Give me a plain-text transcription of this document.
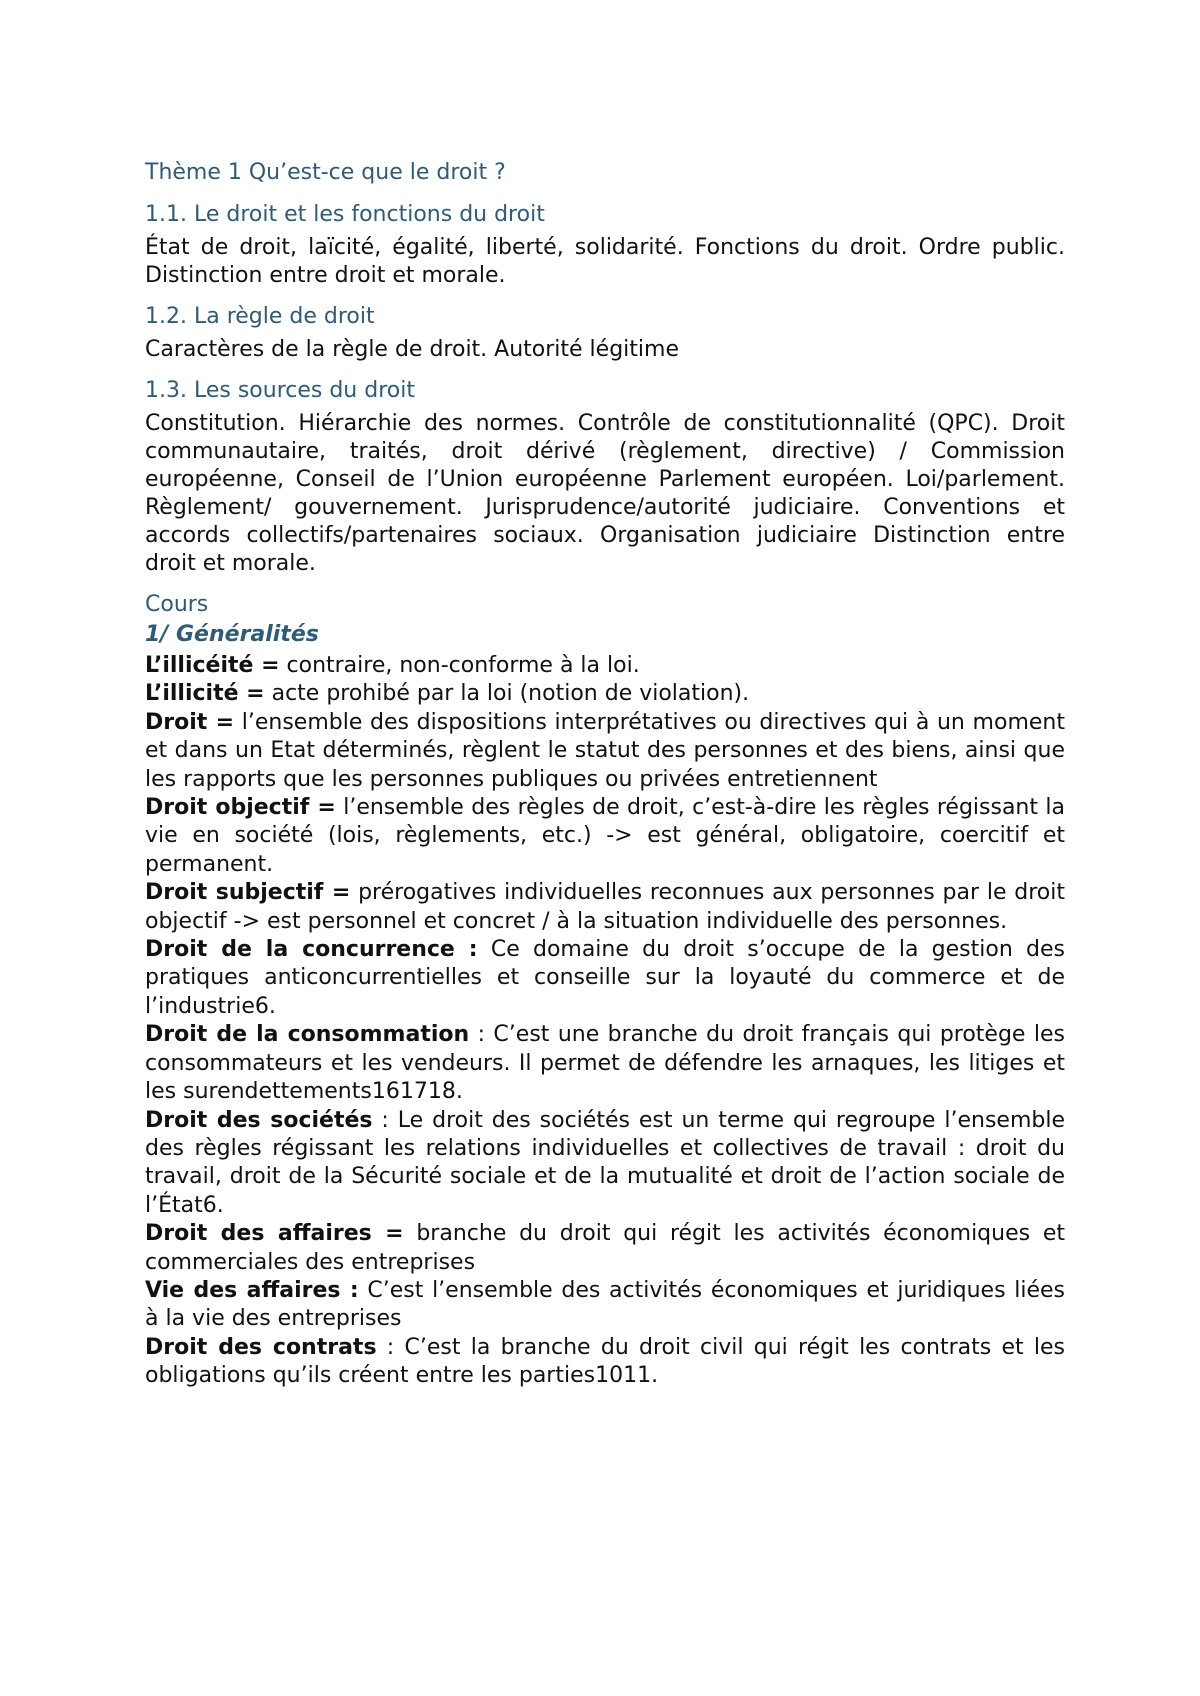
Thème 1 Qu’est-ce que le droit ?
1.1. Le droit et les fonctions du droit

État de droit, laïcité, égalité, liberté, solidarité. Fonctions du droit. Ordre public. Distinction entre droit et morale.

1.2. La règle de droit

Caractères de la règle de droit. Autorité légitime

1.3. Les sources du droit

Constitution. Hiérarchie des normes. Contrôle de constitutionnalité (QPC). Droit communautaire, traités, droit dérivé (règlement, directive) / Commission européenne, Conseil de l’Union européenne Parlement européen. Loi/parlement. Règlement/ gouvernement. Jurisprudence/autorité judiciaire. Conventions et accords collectifs/partenaires sociaux. Organisation judiciaire Distinction entre droit et morale.

Cours
1/ Généralités

L’illicéité = contraire, non-conforme à la loi.

L’illicité = acte prohibé par la loi (notion de violation).

Droit = l’ensemble des dispositions interprétatives ou directives qui à un moment et dans un Etat déterminés, règlent le statut des personnes et des biens, ainsi que les rapports que les personnes publiques ou privées entretiennent

Droit objectif = l’ensemble des règles de droit, c’est-à-dire les règles régissant la vie en société (lois, règlements, etc.) -> est général, obligatoire, coercitif et permanent.

Droit subjectif = prérogatives individuelles reconnues aux personnes par le droit objectif -> est personnel et concret / à la situation individuelle des personnes.

Droit de la concurrence : Ce domaine du droit s’occupe de la gestion des pratiques anticoncurrentielles et conseille sur la loyauté du commerce et de l’industrie6.

Droit de la consommation : C’est une branche du droit français qui protège les consommateurs et les vendeurs. Il permet de défendre les arnaques, les litiges et les surendettements161718.

Droit des sociétés : Le droit des sociétés est un terme qui regroupe l’ensemble des règles régissant les relations individuelles et collectives de travail : droit du travail, droit de la Sécurité sociale et de la mutualité et droit de l’action sociale de l’État6.

Droit des affaires = branche du droit qui régit les activités économiques et commerciales des entreprises

Vie des affaires : C’est l’ensemble des activités économiques et juridiques liées à la vie des entreprises

Droit des contrats : C’est la branche du droit civil qui régit les contrats et les obligations qu’ils créent entre les parties1011.
